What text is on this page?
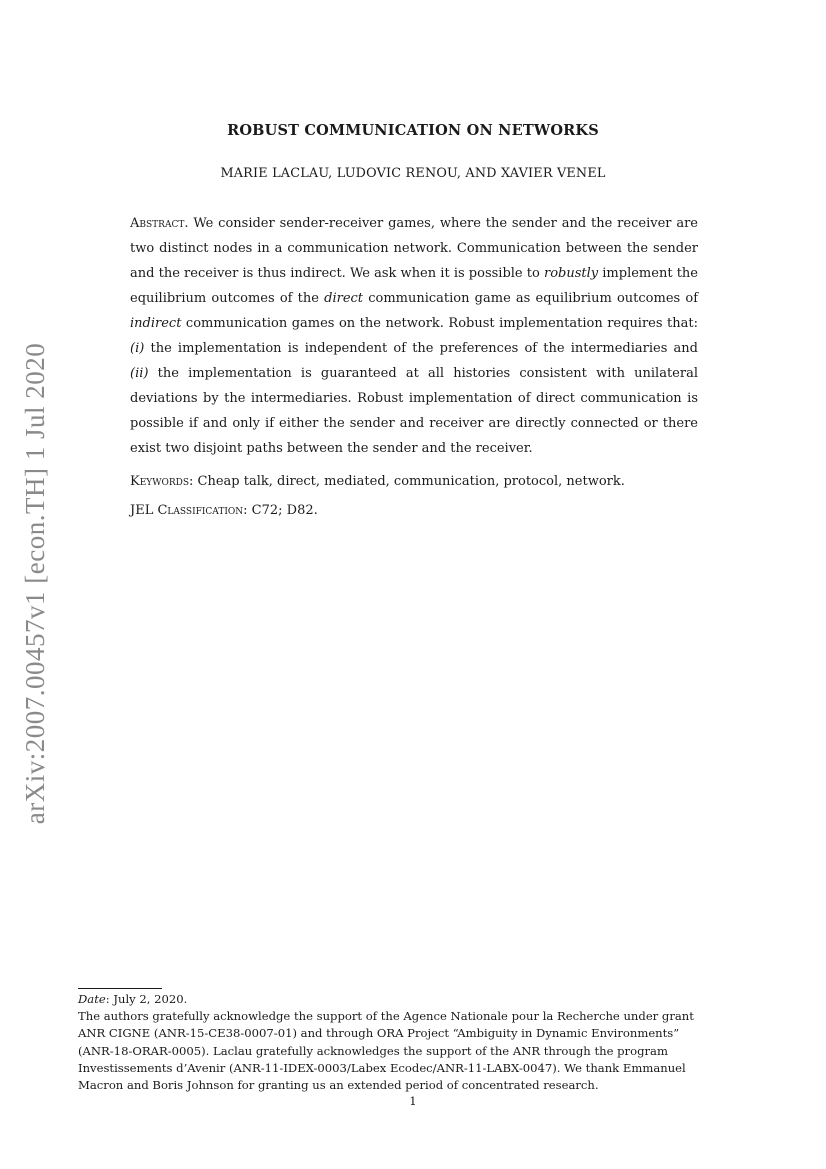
arXiv:2007.00457v1 [econ.TH] 1 Jul 2020
ROBUST COMMUNICATION ON NETWORKS
MARIE LACLAU, LUDOVIC RENOU, AND XAVIER VENEL

Abstract. We consider sender-receiver games, where the sender and the receiver are two distinct nodes in a communication network. Communication between the sender and the receiver is thus indirect. We ask when it is possible to robustly implement the equilibrium outcomes of the direct communication game as equilibrium outcomes of indirect communication games on the network. Robust implementation requires that: (i) the implementation is independent of the preferences of the intermediaries and (ii) the implementation is guaranteed at all histories consistent with unilateral deviations by the intermediaries. Robust implementation of direct communication is possible if and only if either the sender and receiver are directly connected or there exist two disjoint paths between the sender and the receiver.

Keywords: Cheap talk, direct, mediated, communication, protocol, network.

JEL Classification: C72; D82.

Date: July 2, 2020.
The authors gratefully acknowledge the support of the Agence Nationale pour la Recherche under grant
ANR CIGNE (ANR-15-CE38-0007-01) and through ORA Project “Ambiguity in Dynamic Environments”
(ANR-18-ORAR-0005). Laclau gratefully acknowledges the support of the ANR through the program
Investissements d’Avenir (ANR-11-IDEX-0003/Labex Ecodec/ANR-11-LABX-0047). We thank Emmanuel
Macron and Boris Johnson for granting us an extended period of concentrated research.
1
